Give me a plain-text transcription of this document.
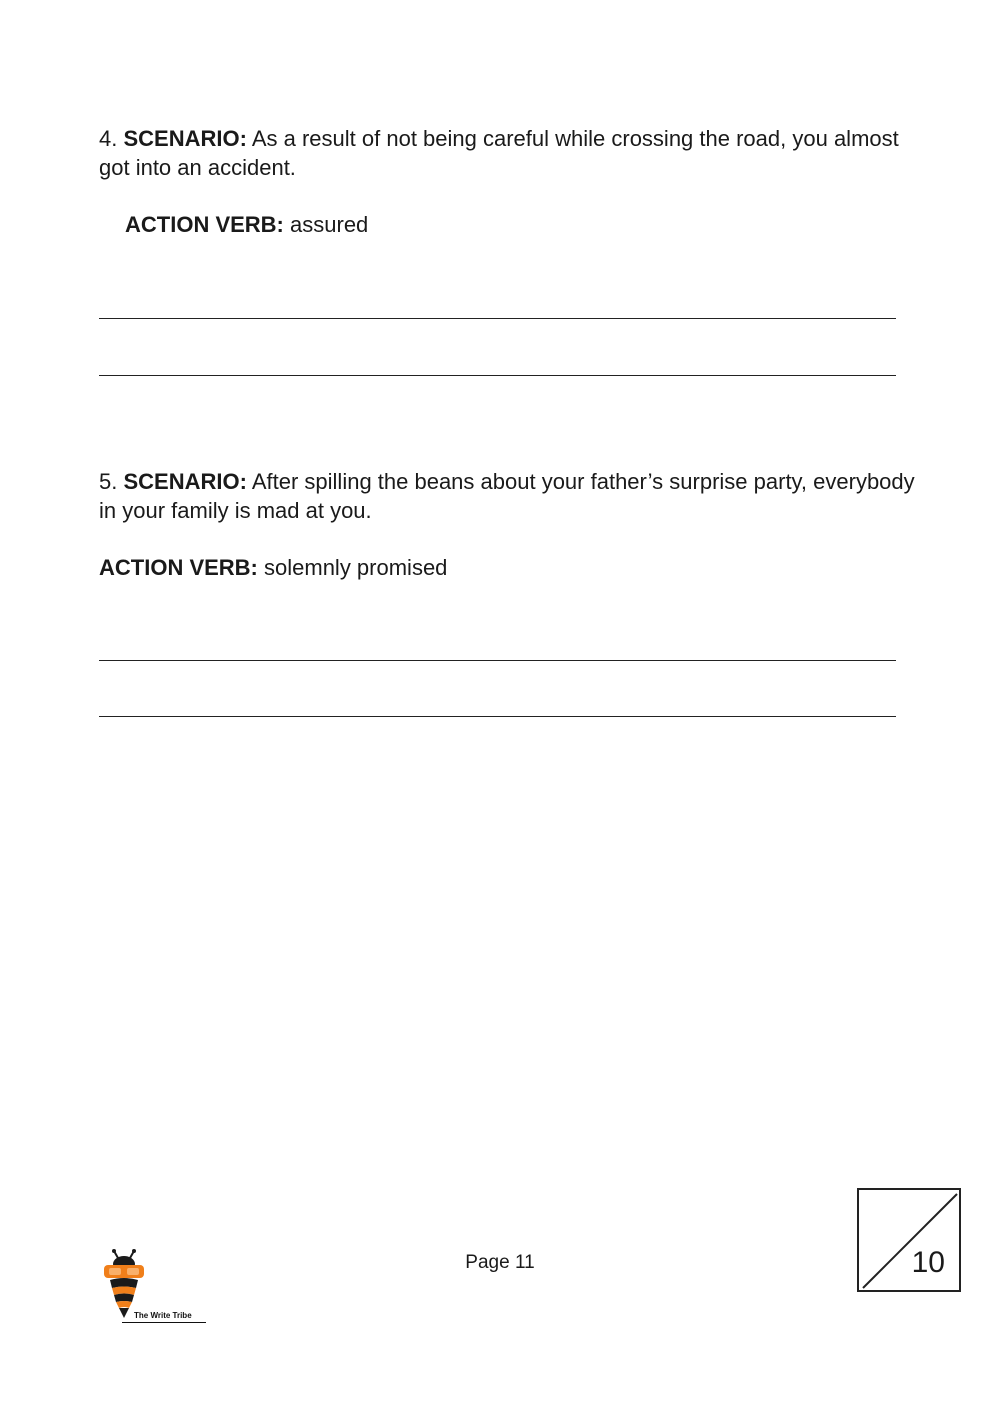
4. SCENARIO: As a result of not being careful while crossing the road, you almost got into an accident.

ACTION VERB: assured

5. SCENARIO: After spilling the beans about your father’s surprise party, everybody in your family is mad at you.

ACTION VERB: solemnly promised

The Write Tribe
Page 11	10
